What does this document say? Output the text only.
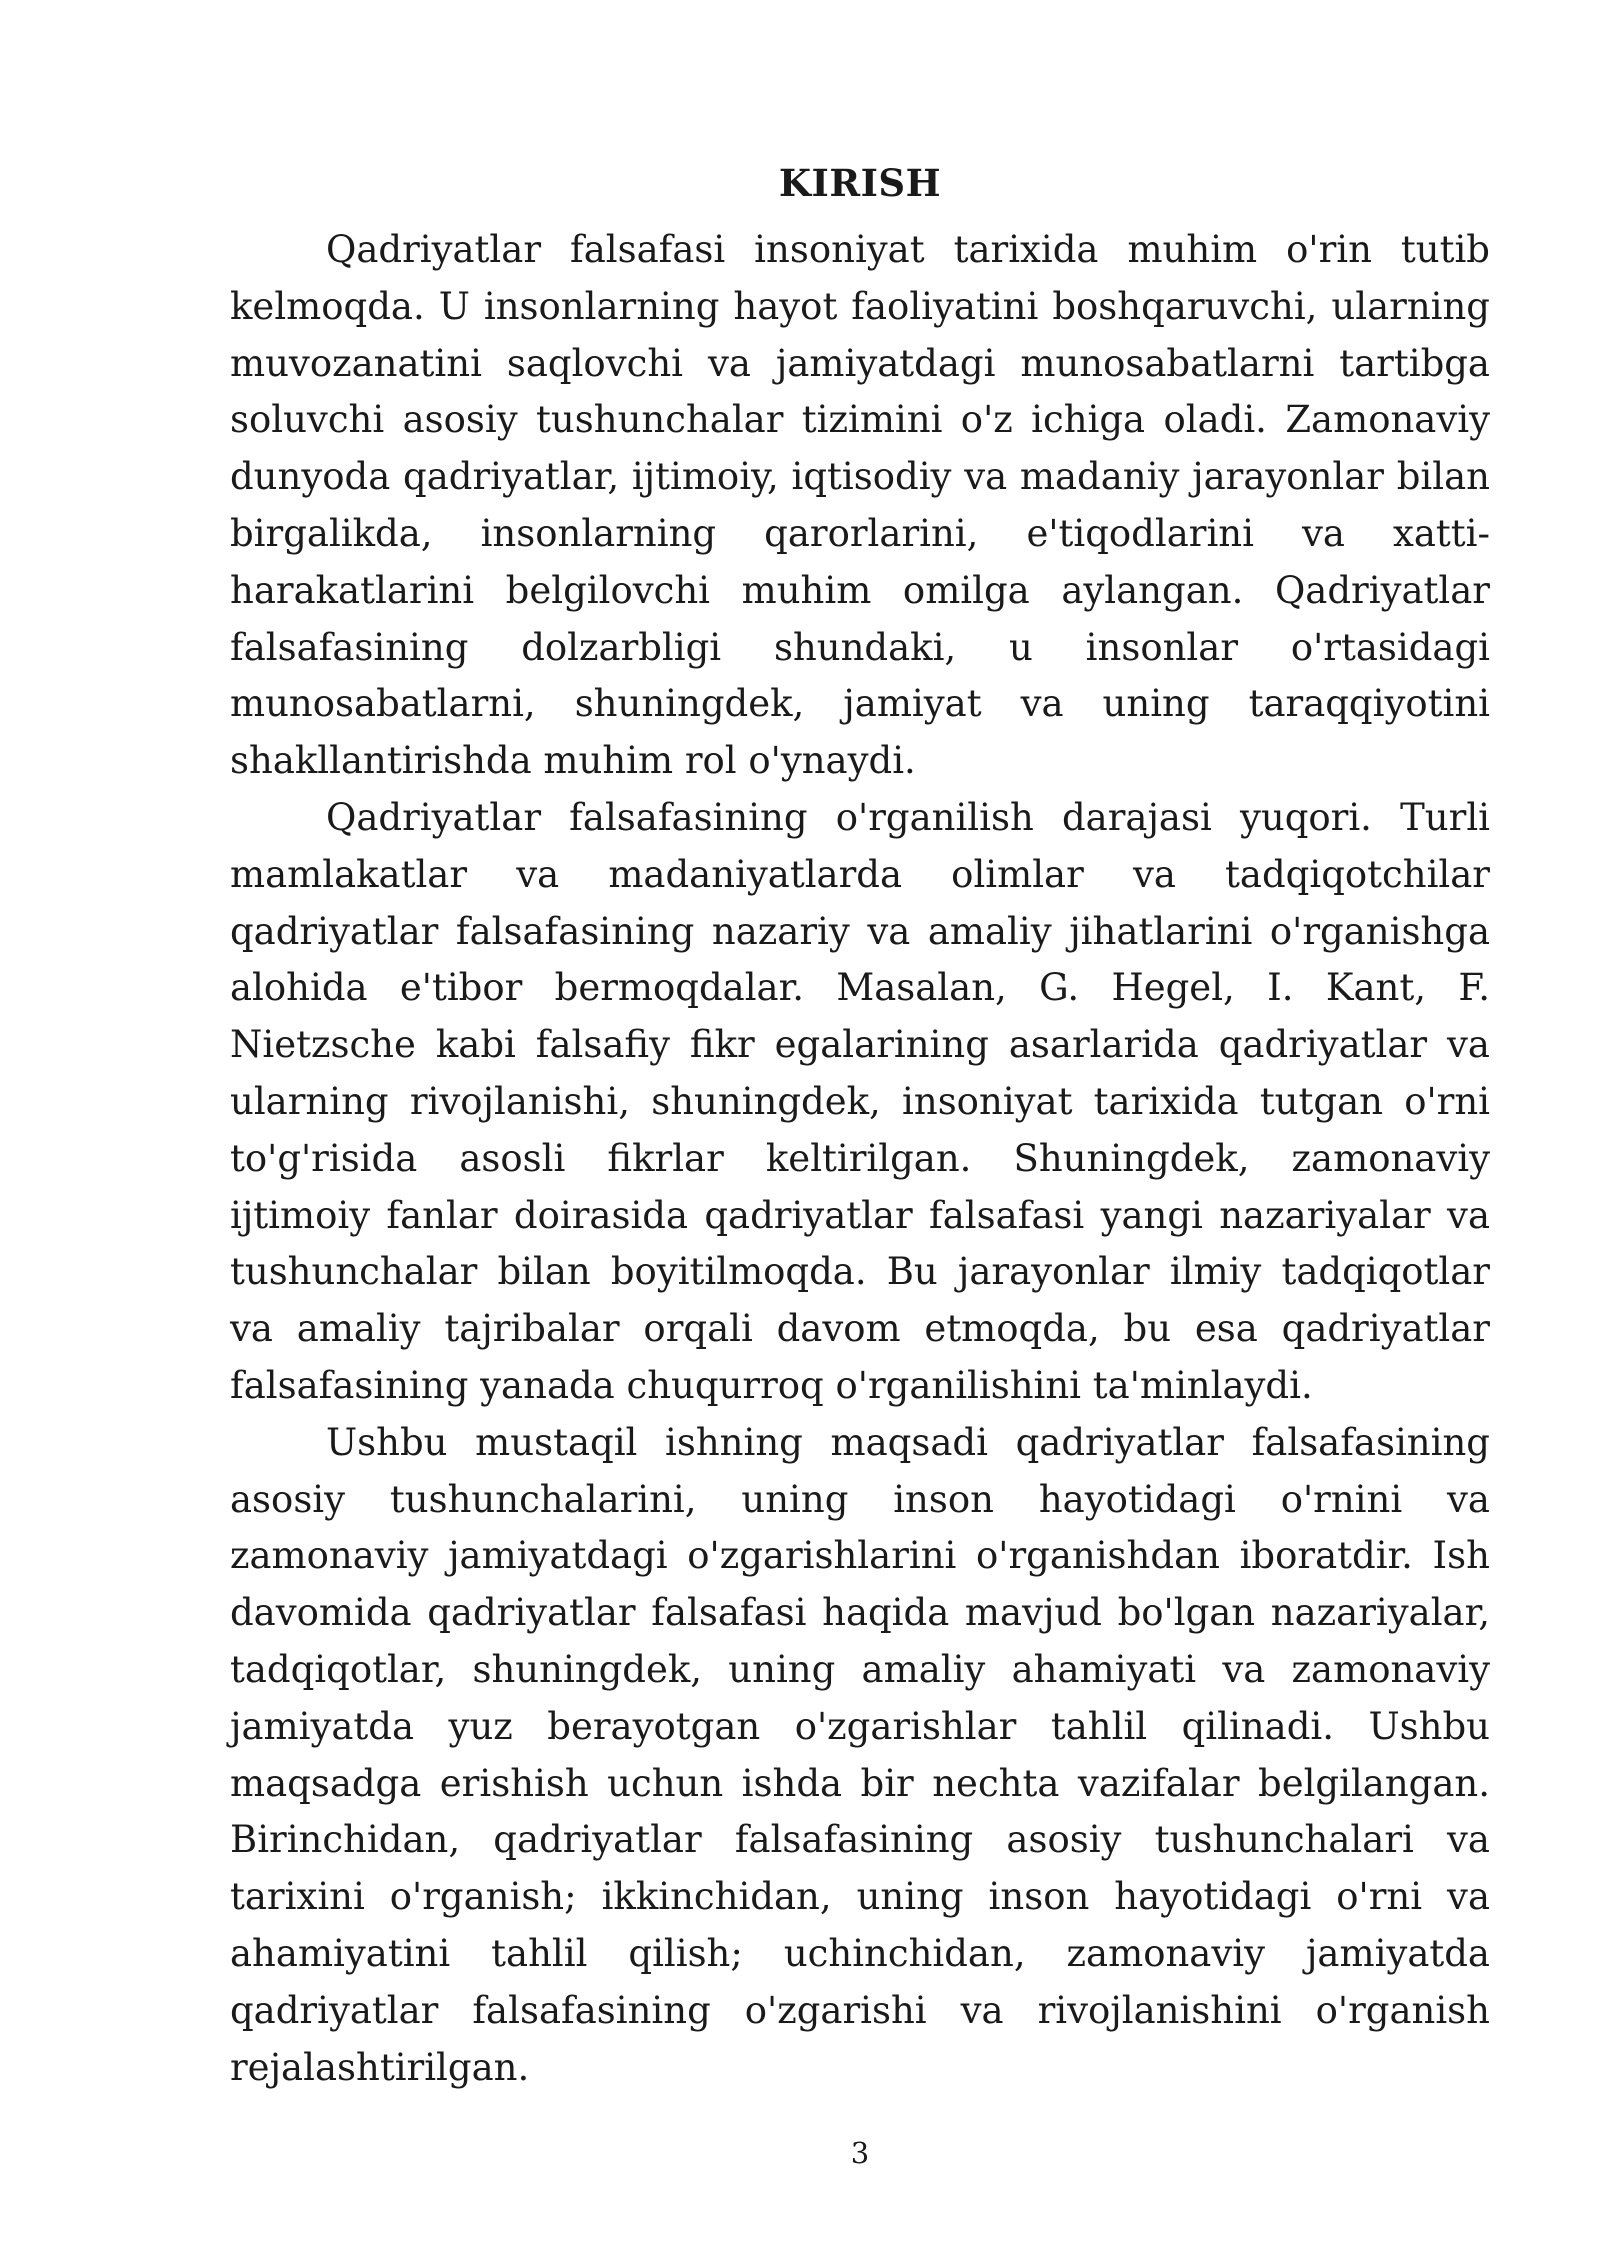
KIRISH

Qadriyatlar falsafasi insoniyat tarixida muhim o'rin tutib kelmoqda. U insonlarning hayot faoliyatini boshqaruvchi, ularning muvozanatini saqlovchi va jamiyatdagi munosabatlarni tartibga soluvchi asosiy tushunchalar tizimini o'z ichiga oladi. Zamonaviy dunyoda qadriyatlar, ijtimoiy, iqtisodiy va madaniy jarayonlar bilan birgalikda, insonlarning qarorlarini, e'tiqodlarini va xatti-harakatlarini belgilovchi muhim omilga aylangan. Qadriyatlar falsafasining dolzarbligi shundaki, u insonlar o'rtasidagi munosabatlarni, shuningdek, jamiyat va uning taraqqiyotini shakllantirishda muhim rol o'ynaydi.

Qadriyatlar falsafasining o'rganilish darajasi yuqori. Turli mamlakatlar va madaniyatlarda olimlar va tadqiqotchilar qadriyatlar falsafasining nazariy va amaliy jihatlarini o'rganishga alohida e'tibor bermoqdalar. Masalan, G. Hegel, I. Kant, F. Nietzsche kabi falsafiy fikr egalarining asarlarida qadriyatlar va ularning rivojlanishi, shuningdek, insoniyat tarixida tutgan o'rni to'g'risida asosli fikrlar keltirilgan. Shuningdek, zamonaviy ijtimoiy fanlar doirasida qadriyatlar falsafasi yangi nazariyalar va tushunchalar bilan boyitilmoqda. Bu jarayonlar ilmiy tadqiqotlar va amaliy tajribalar orqali davom etmoqda, bu esa qadriyatlar falsafasining yanada chuqurroq o'rganilishini ta'minlaydi.

Ushbu mustaqil ishning maqsadi qadriyatlar falsafasining asosiy tushunchalarini, uning inson hayotidagi o'rnini va zamonaviy jamiyatdagi o'zgarishlarini o'rganishdan iboratdir. Ish davomida qadriyatlar falsafasi haqida mavjud bo'lgan nazariyalar, tadqiqotlar, shuningdek, uning amaliy ahamiyati va zamonaviy jamiyatda yuz berayotgan o'zgarishlar tahlil qilinadi. Ushbu maqsadga erishish uchun ishda bir nechta vazifalar belgilangan. Birinchidan, qadriyatlar falsafasining asosiy tushunchalari va tarixini o'rganish; ikkinchidan, uning inson hayotidagi o'rni va ahamiyatini tahlil qilish; uchinchidan, zamonaviy jamiyatda qadriyatlar falsafasining o'zgarishi va rivojlanishini o'rganish rejalashtirilgan.

3
